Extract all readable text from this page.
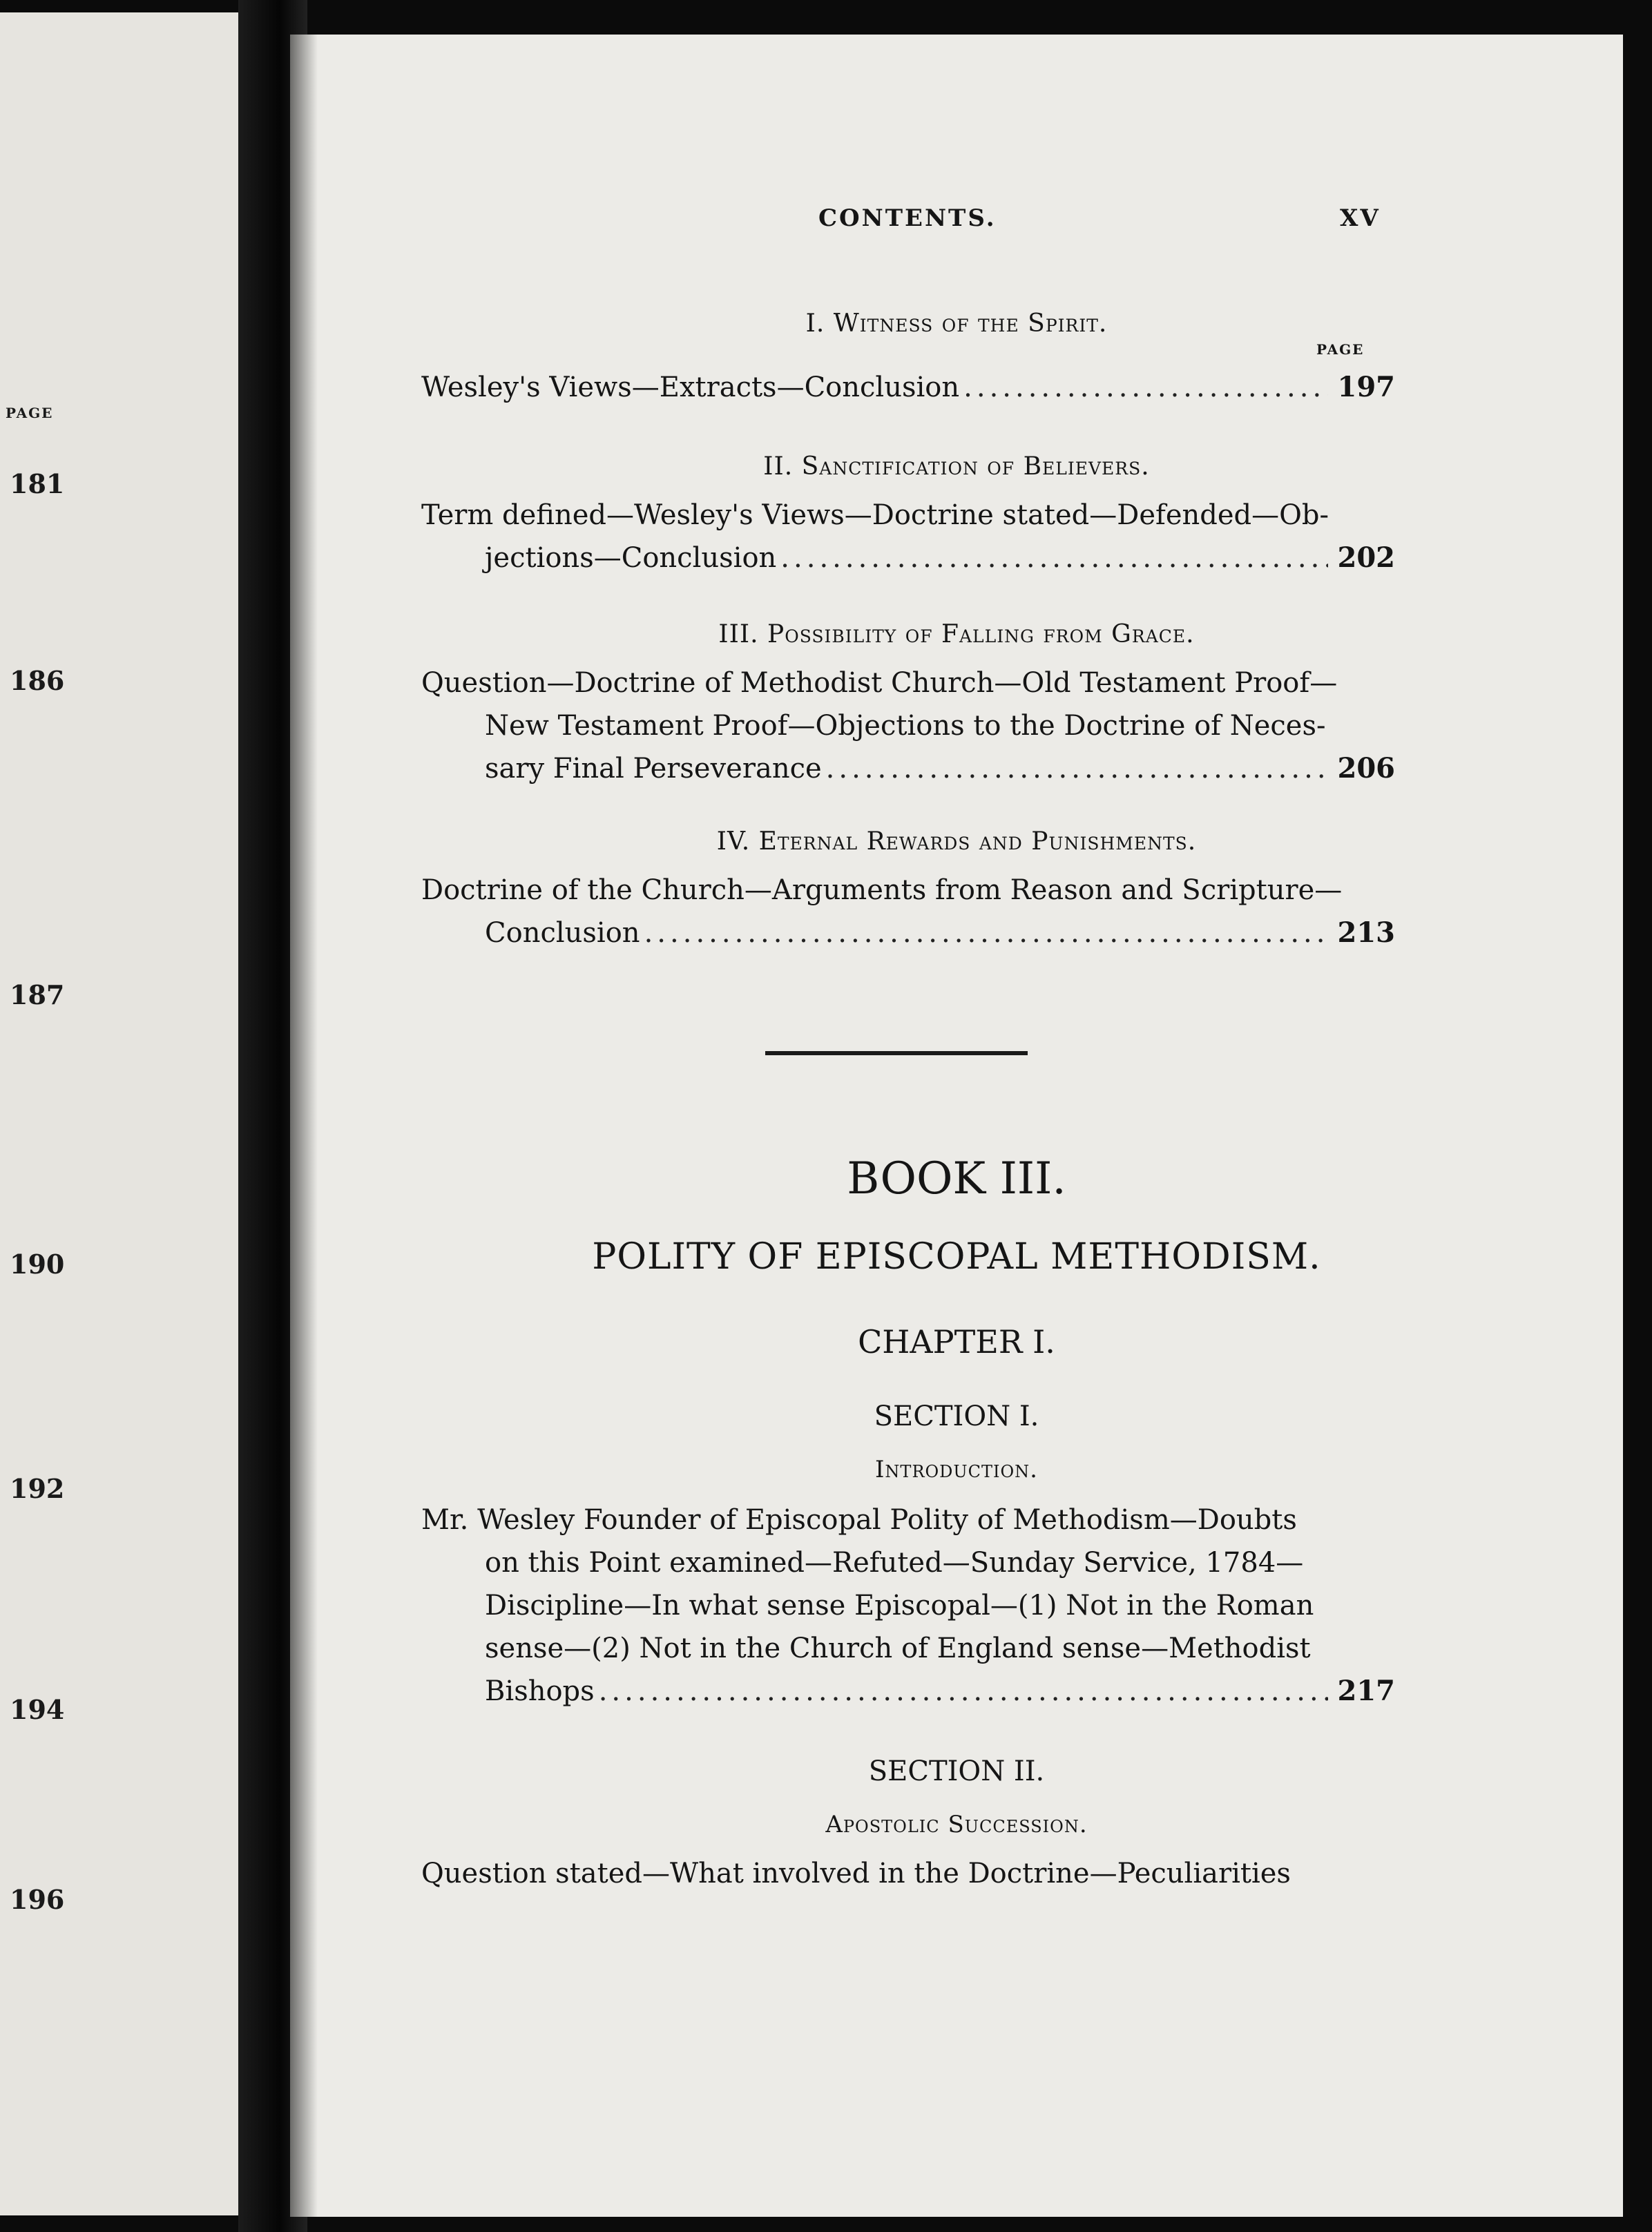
PAGE
181
186
187
190
192
194
196
CONTENTS.	XV
I. Witness of the Spirit.
PAGE
Wesley's Views—Extracts—Conclusion .....	197
II. Sanctification of Believers.
Term defined—Wesley's Views—Doctrine stated—Defended—Ob-
jections—Conclusion .....	202
III. Possibility of Falling from Grace.
Question—Doctrine of Methodist Church—Old Testament Proof—
New Testament Proof—Objections to the Doctrine of Neces-
sary Final Perseverance .....	206
IV. Eternal Rewards and Punishments.
Doctrine of the Church—Arguments from Reason and Scripture—
Conclusion .....	213
BOOK III.
POLITY OF EPISCOPAL METHODISM.
CHAPTER I.
SECTION I.
Introduction.
Mr. Wesley Founder of Episcopal Polity of Methodism—Doubts
on this Point examined—Refuted—Sunday Service, 1784—
Discipline—In what sense Episcopal—(1) Not in the Roman
sense—(2) Not in the Church of England sense—Methodist
Bishops .....	217
SECTION II.
Apostolic Succession.
Question stated—What involved in the Doctrine—Peculiarities
